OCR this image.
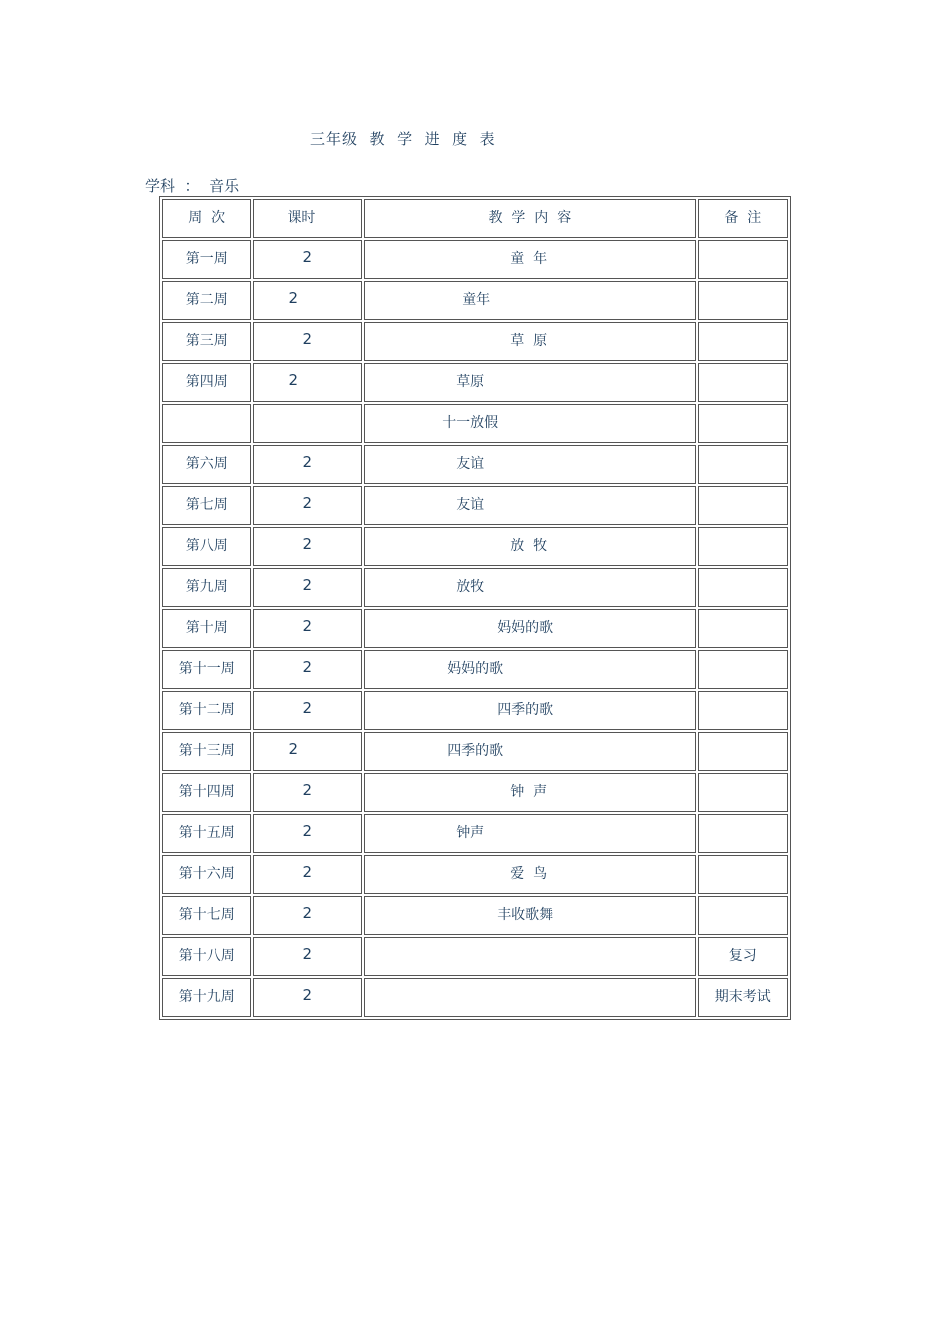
三年级  教  学  进  度  表
学科  ： 音乐
周  次	课时	教  学  内  容	备  注

第一周	2	童  年	

第二周	2	童年	

第三周	2	草  原	

第四周	2	草原	

		十一放假	

第六周	2	友谊	

第七周	2	友谊	

第八周	2	放  牧	

第九周	2	放牧	

第十周	2	妈妈的歌	

第十一周	2	妈妈的歌	

第十二周	2	四季的歌	

第十三周	2	四季的歌	

第十四周	2	钟  声	

第十五周	2	钟声	

第十六周	2	爱  鸟	

第十七周	2	丰收歌舞	

第十八周	2		复习

第十九周	2		期末考试
